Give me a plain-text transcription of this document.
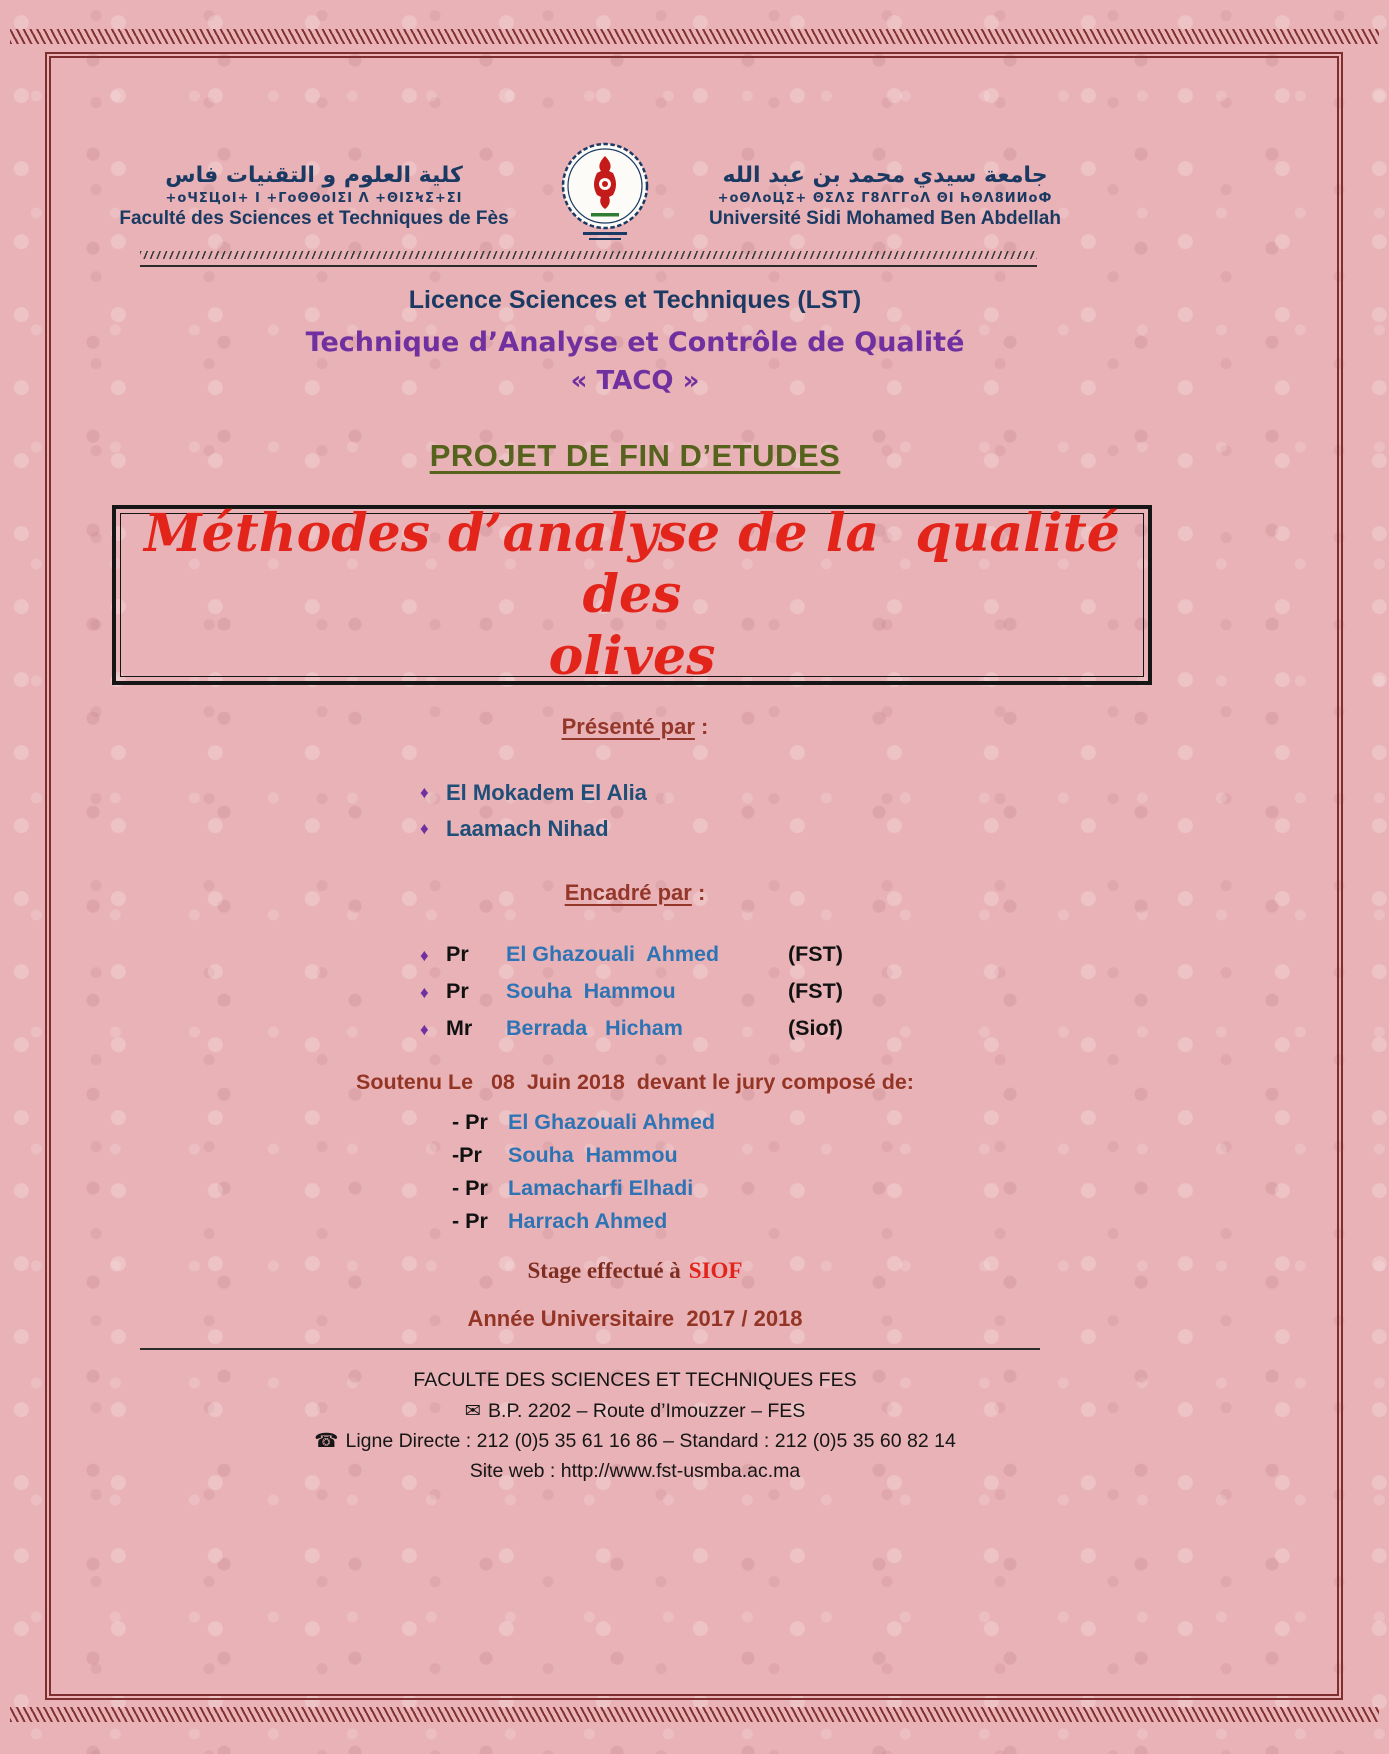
كلية العلوم و التقنيات فاس
+oЧΣЦoI+ I +ГoΘΘoIΣI Λ +ΘIΣϞΣ+ΣI
Faculté des Sciences et Techniques de Fès
جامعة سيدي محمد بن عبد الله
+oΘΛoЦΣ+ ΘΣΛΣ Г8ΛГГoΛ ΘI ҺΘΛ8ИИoФ
Université Sidi Mohamed Ben Abdellah
Licence Sciences et Techniques (LST)
Technique d’Analyse et Contrôle de Qualité
« TACQ »
PROJET DE FIN D’ETUDES
Méthodes d’analyse de la  qualité des
olives
Présenté par :
♦ El Mokadem El Alia
♦ Laamach Nihad
Encadré par :
♦ Pr	El Ghazouali  Ahmed	(FST)
♦ Pr	Souha  Hammou	(FST)
♦ Mr	Berrada   Hicham	(Siof)
Soutenu Le   08  Juin 2018  devant le jury composé de:
- Pr El Ghazouali Ahmed
-Pr	Souha  Hammou
- Pr Lamacharfi Elhadi
- Pr Harrach Ahmed
Stage effectué à SIOF
Année Universitaire  2017 / 2018
FACULTE DES SCIENCES ET TECHNIQUES FES
✉ B.P. 2202 – Route d’Imouzzer – FES
☎ Ligne Directe : 212 (0)5 35 61 16 86 – Standard : 212 (0)5 35 60 82 14
Site web : http://www.fst-usmba.ac.ma
